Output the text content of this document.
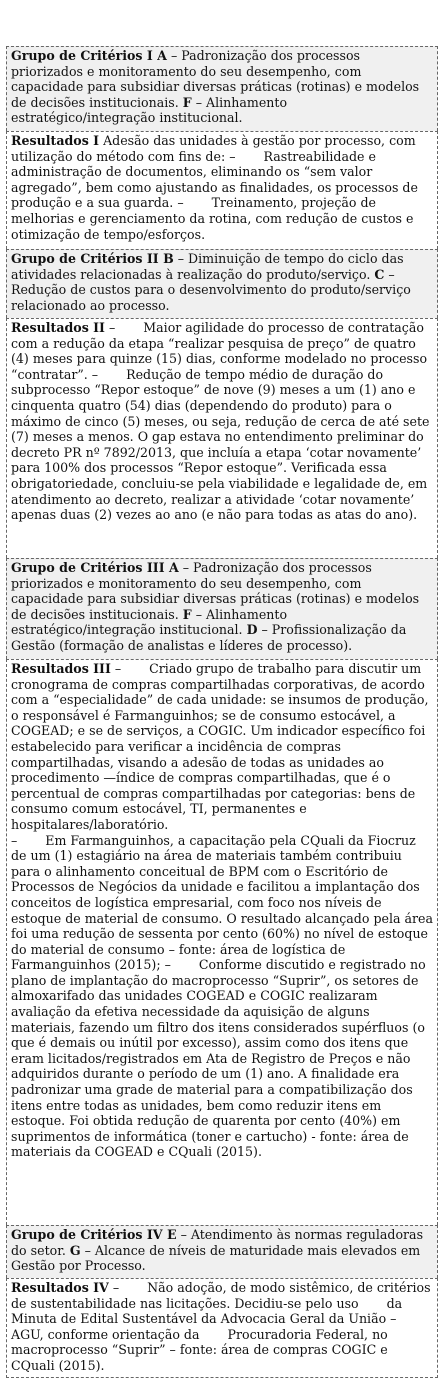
Grupo de Critérios I A – Padronização dos processos priorizados e monitoramento do seu desempenho, com capacidade para subsidiar diversas práticas (rotinas) e modelos de decisões institucionais. F – Alinhamento estratégico/integração institucional.
Resultados I Adesão das unidades à gestão por processo, com utilização do método com fins de: – Rastreabilidade e administração de documentos, eliminando os “sem valor agregado”, bem como ajustando as finalidades, os processos de produção e a sua guarda. – Treinamento, projeção de melhorias e gerenciamento da rotina, com redução de custos e otimização de tempo/esforços.
Grupo de Critérios II B – Diminuição de tempo do ciclo das atividades relacionadas à realização do produto/serviço. C – Redução de custos para o desenvolvimento do produto/serviço relacionado ao processo.
Resultados II – Maior agilidade do processo de contratação com a redução da etapa “realizar pesquisa de preço” de quatro (4) meses para quinze (15) dias, conforme modelado no processo “contratar”. – Redução de tempo médio de duração do subprocesso “Repor estoque” de nove (9) meses a um (1) ano e cinquenta quatro (54) dias (dependendo do produto) para o máximo de cinco (5) meses, ou seja, redução de cerca de até sete (7) meses a menos. O gap estava no entendimento preliminar do decreto PR nº 7892/2013, que incluía a etapa ‘cotar novamente’ para 100% dos processos “Repor estoque”. Verificada essa obrigatoriedade, concluiu-se pela viabilidade e legalidade de, em atendimento ao decreto, realizar a atividade ‘cotar novamente’ apenas duas (2) vezes ao ano (e não para todas as atas do ano).
Grupo de Critérios III A – Padronização dos processos priorizados e monitoramento do seu desempenho, com capacidade para subsidiar diversas práticas (rotinas) e modelos de decisões institucionais. F – Alinhamento estratégico/integração institucional. D – Profissionalização da Gestão (formação de analistas e líderes de processo).
Resultados III – Criado grupo de trabalho para discutir um cronograma de compras compartilhadas corporativas, de acordo com a “especialidade” de cada unidade: se insumos de produção, o responsável é Farmanguinhos; se de consumo estocável, a COGEAD; e se de serviços, a COGIC. Um indicador específico foi estabelecido para verificar a incidência de compras compartilhadas, visando a adesão de todas as unidades ao procedimento —índice de compras compartilhadas, que é o percentual de compras compartilhadas por categorias: bens de consumo comum estocável, TI, permanentes e hospitalares/laboratório.
– Em Farmanguinhos, a capacitação pela CQuali da Fiocruz de um (1) estagiário na área de materiais também contribuiu para o alinhamento conceitual de BPM com o Escritório de Processos de Negócios da unidade e facilitou a implantação dos conceitos de logística empresarial, com foco nos níveis de estoque de material de consumo. O resultado alcançado pela área foi uma redução de sessenta por cento (60%) no nível de estoque do material de consumo – fonte: área de logística de Farmanguinhos (2015); – Conforme discutido e registrado no plano de implantação do macroprocesso “Suprir”, os setores de almoxarifado das unidades COGEAD e COGIC realizaram avaliação da efetiva necessidade da aquisição de alguns materiais, fazendo um filtro dos itens considerados supérfluos (o que é demais ou inútil por excesso), assim como dos itens que eram licitados/registrados em Ata de Registro de Preços e não adquiridos durante o período de um (1) ano. A finalidade era padronizar uma grade de material para a compatibilização dos itens entre todas as unidades, bem como reduzir itens em estoque. Foi obtida redução de quarenta por cento (40%) em suprimentos de informática (toner e cartucho) - fonte: área de materiais da COGEAD e CQuali (2015).
Grupo de Critérios IV E – Atendimento às normas reguladoras do setor. G – Alcance de níveis de maturidade mais elevados em Gestão por Processo.
Resultados IV – Não adoção, de modo sistêmico, de critérios de sustentabilidade nas licitações. Decidiu-se pelo uso da Minuta de Edital Sustentável da Advocacia Geral da União – AGU, conforme orientação da Procuradoria Federal, no macroprocesso “Suprir” – fonte: área de compras COGIC e CQuali (2015).
